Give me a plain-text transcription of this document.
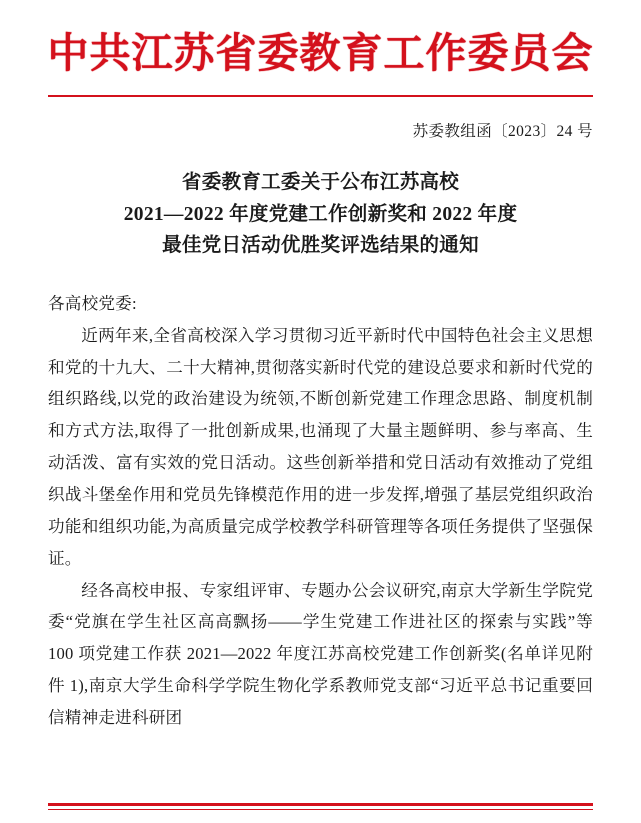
中共江苏省委教育工作委员会
苏委教组函〔2023〕24 号
省委教育工委关于公布江苏高校
2021—2022 年度党建工作创新奖和 2022 年度
最佳党日活动优胜奖评选结果的通知

各高校党委:

近两年来,全省高校深入学习贯彻习近平新时代中国特色社会主义思想和党的十九大、二十大精神,贯彻落实新时代党的建设总要求和新时代党的组织路线,以党的政治建设为统领,不断创新党建工作理念思路、制度机制和方式方法,取得了一批创新成果,也涌现了大量主题鲜明、参与率高、生动活泼、富有实效的党日活动。这些创新举措和党日活动有效推动了党组织战斗堡垒作用和党员先锋模范作用的进一步发挥,增强了基层党组织政治功能和组织功能,为高质量完成学校教学科研管理等各项任务提供了坚强保证。

经各高校申报、专家组评审、专题办公会议研究,南京大学新生学院党委“党旗在学生社区高高飘扬——学生党建工作进社区的探索与实践”等 100 项党建工作获 2021—2022 年度江苏高校党建工作创新奖(名单详见附件 1),南京大学生命科学学院生物化学系教师党支部“习近平总书记重要回信精神走进科研团
